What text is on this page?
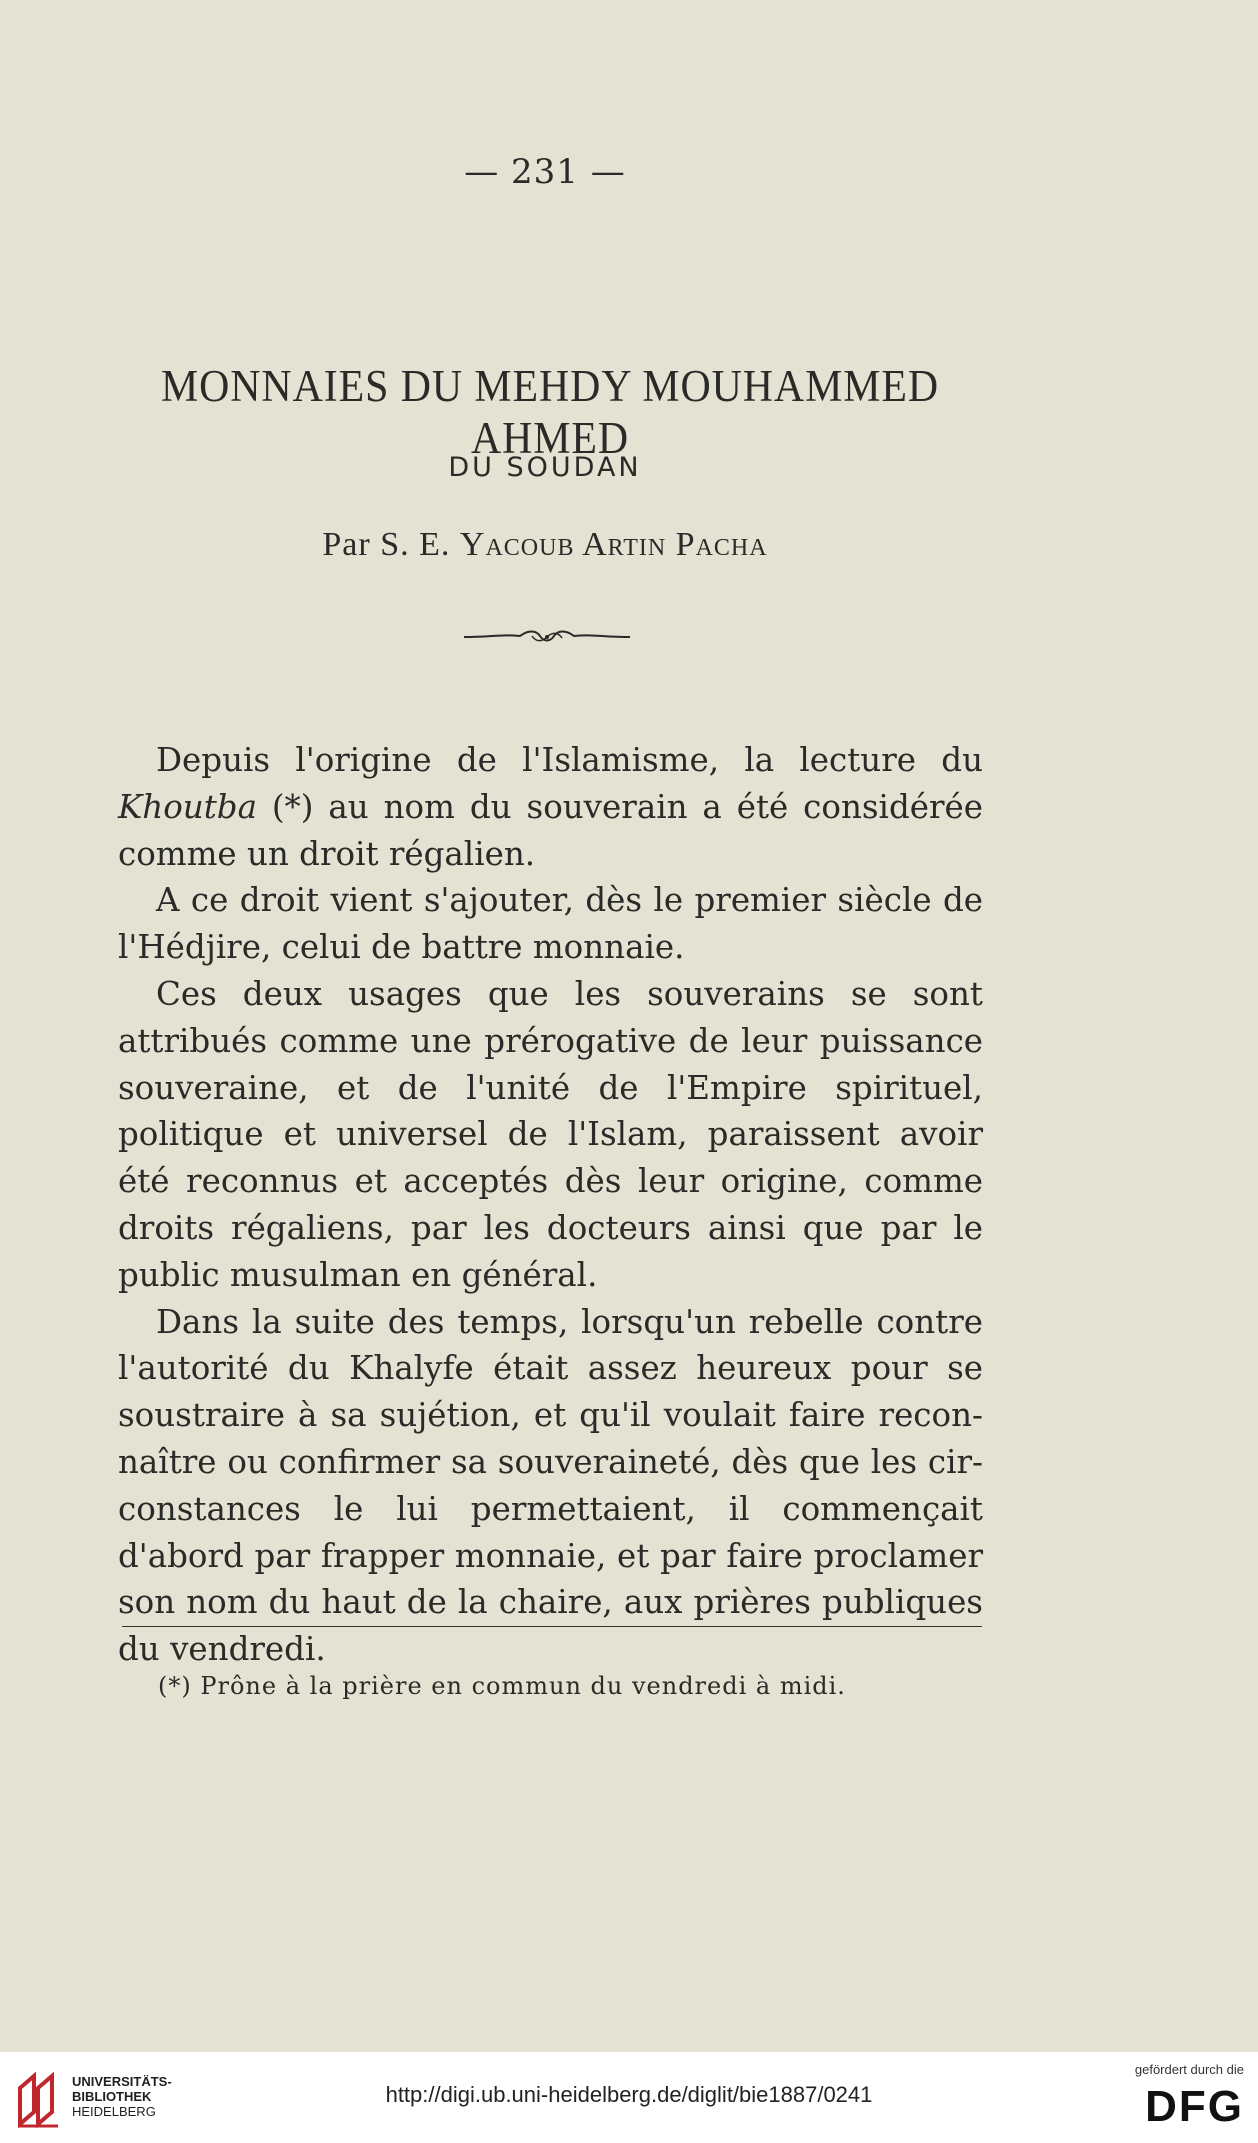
— 231 —
MONNAIES DU MEHDY MOUHAMMED AHMED
DU SOUDAN
Par S. E. Yacoub Artin Pacha

Depuis l'origine de l'Islamisme, la lecture du Khoutba (*) au nom du souverain a été considérée comme un droit régalien.

A ce droit vient s'ajouter, dès le premier siècle de l'Hédjire, celui de battre monnaie.

Ces deux usages que les souverains se sont attribués comme une prérogative de leur puissance souveraine, et de l'unité de l'Empire spirituel, politique et universel de l'Islam, paraissent avoir été reconnus et acceptés dès leur origine, comme droits régaliens, par les docteurs ainsi que par le public musulman en général.

Dans la suite des temps, lorsqu'un rebelle contre l'autorité du Khalyfe était assez heureux pour se soustraire à sa sujétion, et qu'il voulait faire reconnaître ou confirmer sa souveraineté, dès que les circonstances le lui permettaient, il commençait d'abord par frapper monnaie, et par faire proclamer son nom du haut de la chaire, aux prières publiques du vendredi.

(*) Prône à la prière en commun du vendredi à midi.
UNIVERSITÄTS-
BIBLIOTHEK
HEIDELBERG
http://digi.ub.uni-heidelberg.de/diglit/bie1887/0241
gefördert durch die
DFG
